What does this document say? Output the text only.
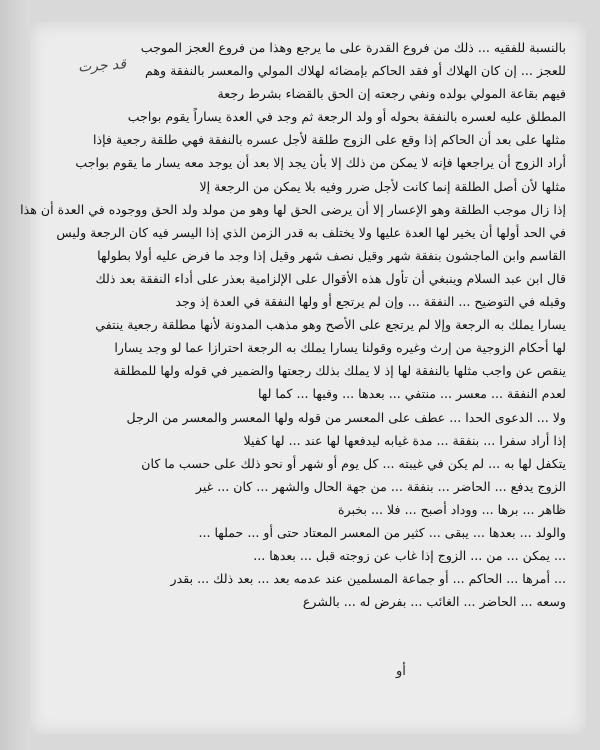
قد جرت
بالنسبة للفقيه ... ذلك من فروع القدرة على ما يرجع وهذا من فروع العجز الموجب
للعجز ... إن كان الهلاك أو فقد الحاكم بإمضائه لهلاك المولي والمعسر بالنفقة وهم
فيهم بقاعة المولي بولده ونفي رجعته إن الحق بالقضاء بشرط رجعة
المطلق عليه لعسره بالنفقة بحوله أو ولد الرجعة ثم وجد في العدة يساراً يقوم بواجب
مثلها على بعد أن الحاكم إذا وقع على الزوج طلقة لأجل عسره بالنفقة فهي طلقة رجعية فإذا
أراد الزوج أن يراجعها فإنه لا يمكن من ذلك إلا بأن يجد إلا بعد أن يوجد معه يسار ما يقوم بواجب
مثلها لأن أصل الطلقة إنما كانت لأجل ضرر وفيه بلا يمكن من الرجعة إلا
إذا زال موجب الطلقة وهو الإعسار إلا أن يرضى الحق لها وهو من مولد ولد الحق ووجوده في العدة أن هذا
في الحد أولها أن يخير لها العدة عليها ولا يختلف به قدر الزمن الذي إذا اليسر فيه كان الرجعة وليس
القاسم وابن الماجشون بنفقة شهر وقيل نصف شهر وقيل إذا وجد ما فرض عليه أولا بطولها
قال ابن عبد السلام وينبغي أن تأول هذه الأقوال على الإلزامية بعذر على أداء النفقة بعد ذلك
وقبله في التوضيح ... النفقة ... وإن لم يرتجع أو ولها النفقة في العدة إذ وجد
يسارا يملك به الرجعة وإلا لم يرتجع على الأصح وهو مذهب المدونة لأنها مطلقة رجعية ينتفي
لها أحكام الزوجية من إرث وغيره وقولنا يسارا يملك به الرجعة احترازا عما لو وجد يسارا
ينقص عن واجب مثلها بالنفقة لها إذ لا يملك بذلك رجعتها والضمير في قوله ولها للمطلقة
لعدم النفقة ... معسر ... منتفي ... بعدها ... وفيها ... كما لها
ولا ... الدعوى الحدا ... عطف على المعسر من قوله ولها المعسر والمعسر من الرجل
إذا أراد سفرا ... بنفقة ... مدة غيابه ليدفعها لها عند ... لها كفيلا
يتكفل لها به ... لم يكن في غيبته ... كل يوم أو شهر أو نحو ذلك على حسب ما كان
الزوج يدفع ... الحاضر ... بنفقة ... من جهة الحال والشهر ... كان ... غير
ظاهر ... برها ... ووداد أصبح ... فلا ... بخبرة
والولد ... بعدها ... يبقى ... كثير من المعسر المعتاد حتى أو ... حملها ...
... يمكن ... من ... الزوج إذا غاب عن زوجته قبل ... بعدها ...
... أمرها ... الحاكم ... أو جماعة المسلمين عند عدمه بعد ... بعد ذلك ... بقدر
وسعه ... الحاضر ... الغائب ... بفرض له ... بالشرع
أو
